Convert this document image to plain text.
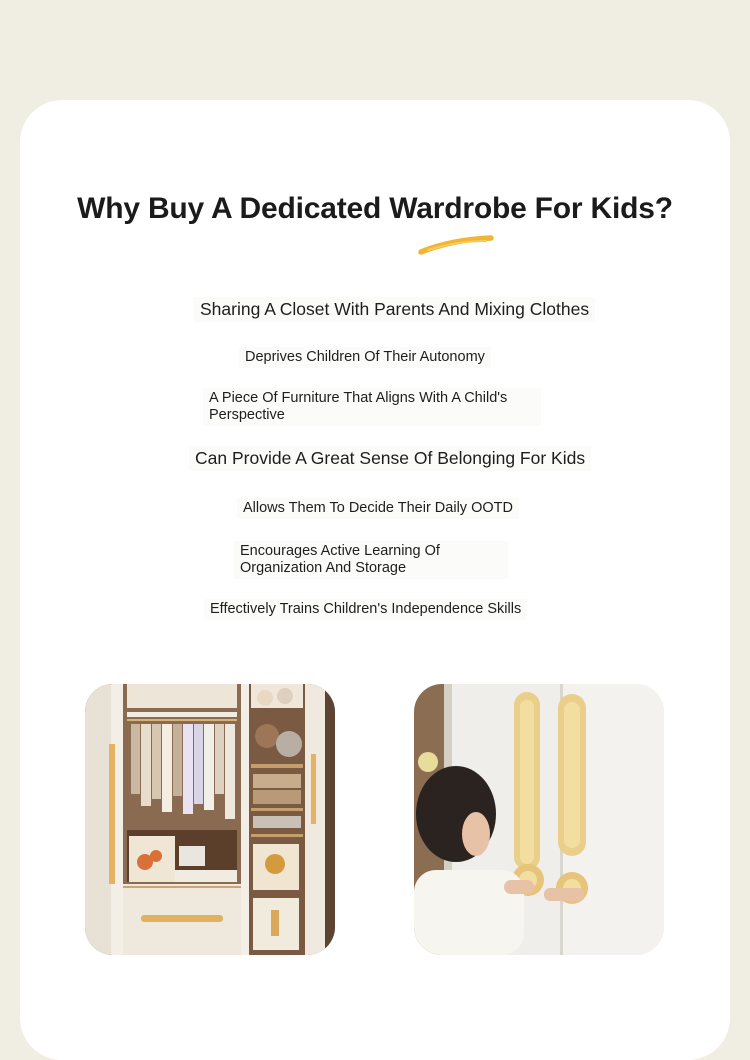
Why Buy A Dedicated Wardrobe For Kids?

Sharing A Closet With Parents And Mixing Clothes

Deprives Children Of Their Autonomy

A Piece Of Furniture That Aligns With A Child's Perspective

Can Provide A Great Sense Of Belonging For Kids

Allows Them To Decide Their Daily OOTD

Encourages Active Learning Of Organization And Storage

Effectively Trains Children's Independence Skills
